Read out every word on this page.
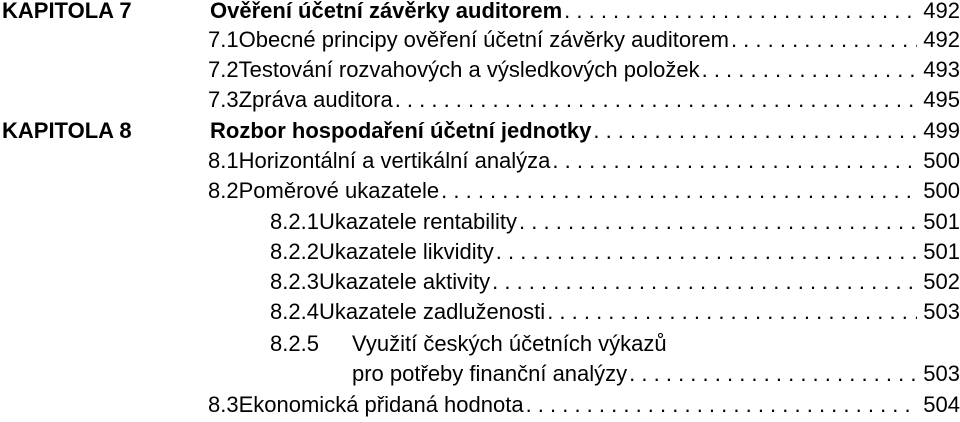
KAPITOLA 7	Ověření účetní závěrky auditorem . . .	492
7.1 Obecné principy ověření účetní závěrky auditorem . . .	492
7.2 Testování rozvahových a výsledkových položek . . .	493
7.3 Zpráva auditora . . .	495
KAPITOLA 8	Rozbor hospodaření účetní jednotky . . .	499
8.1 Horizontální a vertikální analýza . . .	500
8.2 Poměrové ukazatele . . .	500
8.2.1 Ukazatele rentability . . .	501
8.2.2 Ukazatele likvidity . . .	501
8.2.3 Ukazatele aktivity . . .	502
8.2.4 Ukazatele zadluženosti . . .	503
8.2.5	Využití českých účetních výkazů
pro potřeby finanční analýzy . . .	503
8.3 Ekonomická přidaná hodnota . . .	504
